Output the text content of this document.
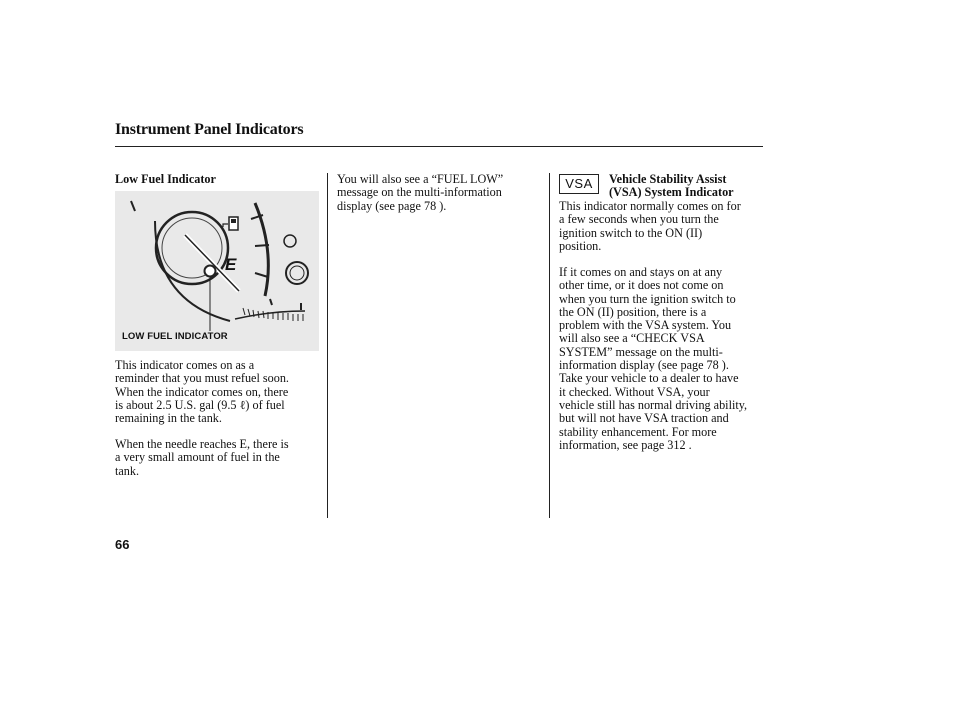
Instrument Panel Indicators
Low Fuel Indicator
E
LOW FUEL INDICATOR
This indicator comes on as a
reminder that you must refuel soon.
When the indicator comes on, there
is about 2.5 U.S. gal (9.5 ℓ) of fuel
remaining in the tank.
When the needle reaches E, there is
a very small amount of fuel in the
tank.
You will also see a “FUEL LOW”
message on the multi-information
display (see page 78 ).
VSA	Vehicle Stability Assist
(VSA) System Indicator
This indicator normally comes on for
a few seconds when you turn the
ignition switch to the ON (II)
position.
If it comes on and stays on at any
other time, or it does not come on
when you turn the ignition switch to
the ON (II) position, there is a
problem with the VSA system. You
will also see a “CHECK VSA
SYSTEM” message on the multi-
information display (see page 78 ).
Take your vehicle to a dealer to have
it checked. Without VSA, your
vehicle still has normal driving ability,
but will not have VSA traction and
stability enhancement. For more
information, see page 312 .
66
